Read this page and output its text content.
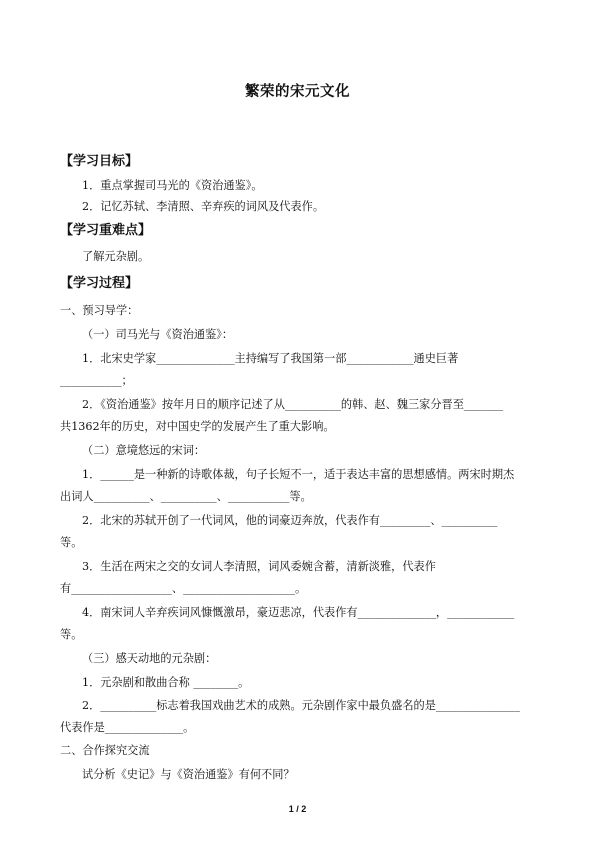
繁荣的宋元文化
【学习目标】
1．重点掌握司马光的《资治通鉴》。
2．记忆苏轼、李清照、辛弃疾的词风及代表作。
【学习重难点】
了解元杂剧。
【学习过程】
一、预习导学：
（一）司马光与《资治通鉴》：
1．北宋史学家______________主持编写了我国第一部____________通史巨著
___________；
2．《资治通鉴》按年月日的顺序记述了从__________的韩、赵、魏三家分晋至_______
共1362年的历史，对中国史学的发展产生了重大影响。
（二）意境悠远的宋词：
1．______是一种新的诗歌体裁，句子长短不一，适于表达丰富的思想感情。两宋时期杰
出词人__________、__________、___________等。
2．北宋的苏轼开创了一代词风，他的词豪迈奔放，代表作有_________、__________
等。
3．生活在两宋之交的女词人李清照，词风委婉含蓄，清新淡雅，代表作
有__________________、____________________。
4．南宋词人辛弃疾词风慷慨激昂，豪迈悲凉，代表作有______________，____________
等。
（三）感天动地的元杂剧：
1．元杂剧和散曲合称 ________。
2．__________标志着我国戏曲艺术的成熟。元杂剧作家中最负盛名的是_______________
代表作是______________。
二、合作探究交流
试分析《史记》与《资治通鉴》有何不同？
1 / 2
